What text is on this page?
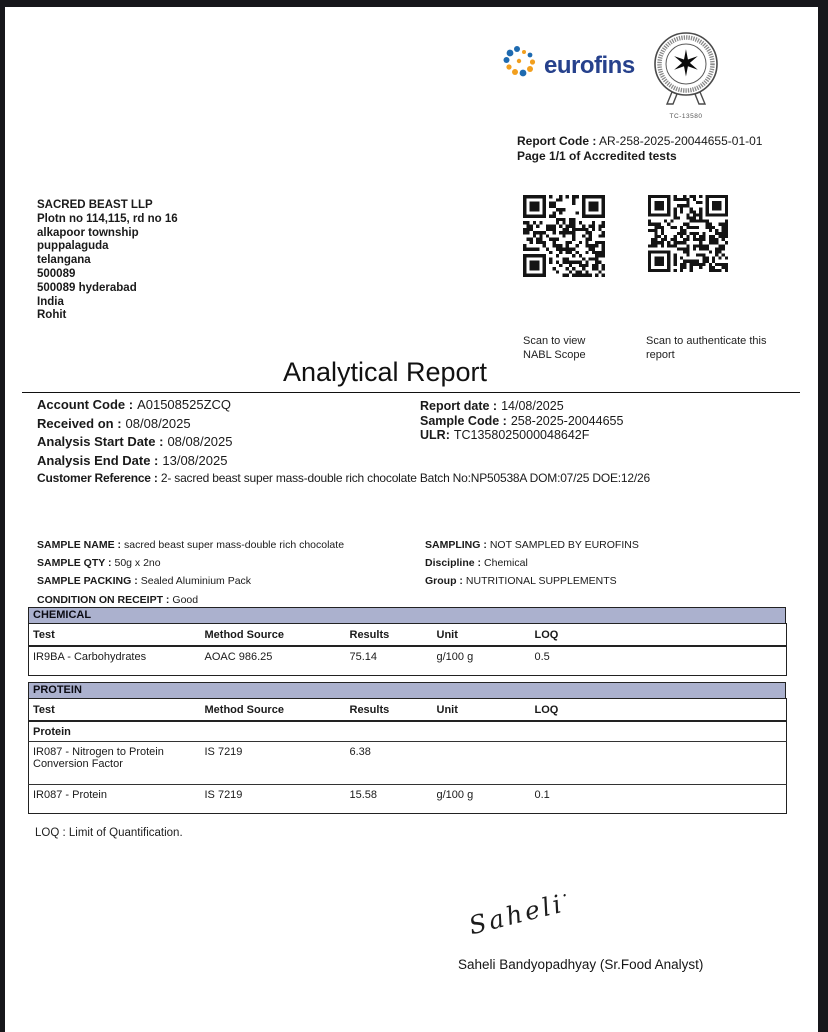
eurofins ✶
TC-13580
Report Code : AR-258-2025-20044655-01-01
Page 1/1 of Accredited tests
SACRED BEAST LLP
Plotn no 114,115, rd no 16
alkapoor township
puppalaguda
telangana
500089
500089 hyderabad
India
Rohit
Scan to view
NABL Scope
Scan to authenticate this
report
Analytical Report
Account Code : A01508525ZCQ
Received on : 08/08/2025
Analysis Start Date : 08/08/2025
Analysis End Date : 13/08/2025
Report date : 14/08/2025
Sample Code : 258-2025-20044655
ULR: TC1358025000048642F
Customer Reference : 2- sacred beast super mass-double rich chocolate Batch No:NP50538A DOM:07/25 DOE:12/26
SAMPLE NAME : sacred beast super mass-double rich chocolate
SAMPLE QTY : 50g x 2no
SAMPLE PACKING : Sealed Aluminium Pack
CONDITION ON RECEIPT : Good
SAMPLING : NOT SAMPLED BY EUROFINS
Discipline : Chemical
Group : NUTRITIONAL SUPPLEMENTS
CHEMICAL
Test	Method Source	Results	Unit	LOQ
IR9BA - Carbohydrates	AOAC 986.25	75.14	g/100 g	0.5
PROTEIN
Test	Method Source	Results	Unit	LOQ
Protein				
IR087 - Nitrogen to Protein Conversion Factor	IS 7219	6.38		
IR087 - Protein	IS 7219	15.58	g/100 g	0.1
LOQ : Limit of Quantification.
Saheli ·
Saheli Bandyopadhyay (Sr.Food Analyst)
